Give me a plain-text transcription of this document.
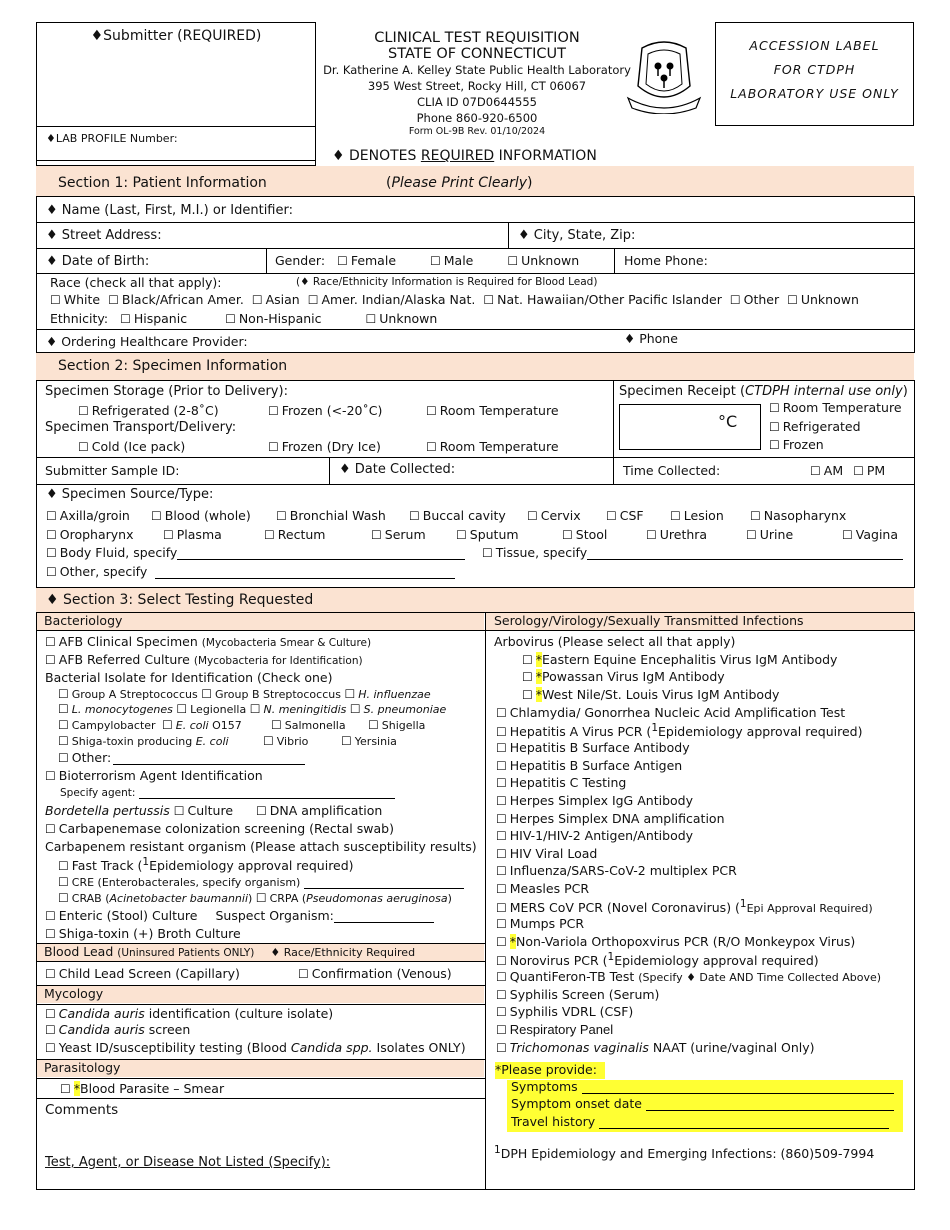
♦Submitter (REQUIRED)
♦LAB PROFILE Number:
CLINICAL TEST REQUISITION
STATE OF CONNECTICUT
Dr. Katherine A. Kelley State Public Health Laboratory
395 West Street, Rocky Hill, CT 06067
CLIA ID 07D0644555
Phone 860-920-6500
Form OL-9B Rev. 01/10/2024
♦ DENOTES REQUIRED INFORMATION
ACCESSION LABEL
FOR CTDPH
LABORATORY USE ONLY
Section 1: Patient Information	(Please Print Clearly)
♦ Name (Last, First, M.I.) or Identifier:
♦ Street Address:	♦ City, State, Zip:
♦ Date of Birth:	Gender: ☐ Female ☐	Male ☐	Unknown	Home Phone:
Race (check all that apply):	(♦ Race/Ethnicity Information is Required for Blood Lead)
☐ White ☐ Black/African Amer. ☐ Asian ☐ Amer. Indian/Alaska Nat. ☐ Nat. Hawaiian/Other Pacific Islander ☐ Other ☐ Unknown
Ethnicity: ☐ Hispanic ☐	Non-Hispanic ☐	Unknown
♦ Ordering Healthcare Provider:	♦ Phone
Section 2: Specimen Information
Specimen Storage (Prior to Delivery):
☐ Refrigerated (2-8˚C) ☐	Frozen (<-20˚C) ☐	Room Temperature
Specimen Transport/Delivery:
☐ Cold (Ice pack) ☐	Frozen (Dry Ice) ☐	Room Temperature
Specimen Receipt (CTDPH internal use only)
°C
☐ Room Temperature
☐ Refrigerated
☐ Frozen
Submitter Sample ID:	♦ Date Collected:	Time Collected: ☐	AM ☐ PM
♦ Specimen Source/Type:
☐ Axilla/groin ☐	Blood (whole) ☐	Bronchial Wash ☐	Buccal cavity ☐	Cervix ☐	CSF ☐	Lesion ☐	Nasopharynx
☐ Oropharynx ☐	Plasma ☐	Rectum ☐	Serum ☐	Sputum ☐	Stool ☐	Urethra ☐	Urine ☐	Vagina
☐ Body Fluid, specify ☐	Tissue, specify
☐ Other, specify
♦ Section 3: Select Testing Requested
Bacteriology	Serology/Virology/Sexually Transmitted Infections
☐ AFB Clinical Specimen (Mycobacteria Smear & Culture)
☐ AFB Referred Culture (Mycobacteria for Identification)
Bacterial Isolate for Identification (Check one)
☐ Group A Streptococcus ☐ Group B Streptococcus ☐ H. influenzae
☐ L. monocytogenes ☐ Legionella ☐ N. meningitidis ☐ S. pneumoniae
☐ Campylobacter ☐	E. coli O157 ☐	Salmonella ☐	Shigella
☐ Shiga-toxin producing E. coli ☐	Vibrio ☐	Yersinia
☐ Other:
☐ Bioterrorism Agent Identification
Specify agent:
Bordetella pertussis ☐ Culture ☐	DNA amplification
☐ Carbapenemase colonization screening (Rectal swab)
Carbapenem resistant organism (Please attach susceptibility results)
☐ Fast Track ($^1$Epidemiology approval required)
☐ CRE (Enterobacterales, specify organism)
☐ CRAB (Acinetobacter baumannii) ☐ CRPA (Pseudomonas aeruginosa)
☐ Enteric (Stool) Culture Suspect Organism:
☐ Shiga-toxin (+) Broth Culture
Blood Lead (Uninsured Patients ONLY) ♦ Race/Ethnicity Required
☐ Child Lead Screen (Capillary) ☐	Confirmation (Venous)
Mycology
☐ Candida auris identification (culture isolate)
☐ Candida auris screen
☐ Yeast ID/susceptibility testing (Blood Candida spp. Isolates ONLY)
Parasitology
☐ *Blood Parasite – Smear
Comments
Test, Agent, or Disease Not Listed (Specify):
Arbovirus (Please select all that apply)
☐ *Eastern Equine Encephalitis Virus IgM Antibody
☐ *Powassan Virus IgM Antibody
☐ *West Nile/St. Louis Virus IgM Antibody
☐ Chlamydia/ Gonorrhea Nucleic Acid Amplification Test
☐ Hepatitis A Virus PCR ($^1$Epidemiology approval required)
☐ Hepatitis B Surface Antibody
☐ Hepatitis B Surface Antigen
☐ Hepatitis C Testing
☐ Herpes Simplex IgG Antibody
☐ Herpes Simplex DNA amplification
☐ HIV-1/HIV-2 Antigen/Antibody
☐ HIV Viral Load
☐ Influenza/SARS-CoV-2 multiplex PCR
☐ Measles PCR
☐ MERS CoV PCR (Novel Coronavirus) ($^1$Epi Approval Required)
☐ Mumps PCR
☐ *Non-Variola Orthopoxvirus PCR (R/O Monkeypox Virus)
☐ Norovirus PCR ($^1$Epidemiology approval required)
☐ QuantiFeron-TB Test (Specify ♦ Date AND Time Collected Above)
☐ Syphilis Screen (Serum)
☐ Syphilis VDRL (CSF)
☐ Respiratory Panel
☐ Trichomonas vaginalis NAAT (urine/vaginal Only)
*Please provide:
Symptoms
Symptom onset date
Travel history
$^1$DPH Epidemiology and Emerging Infections: (860)509-7994
